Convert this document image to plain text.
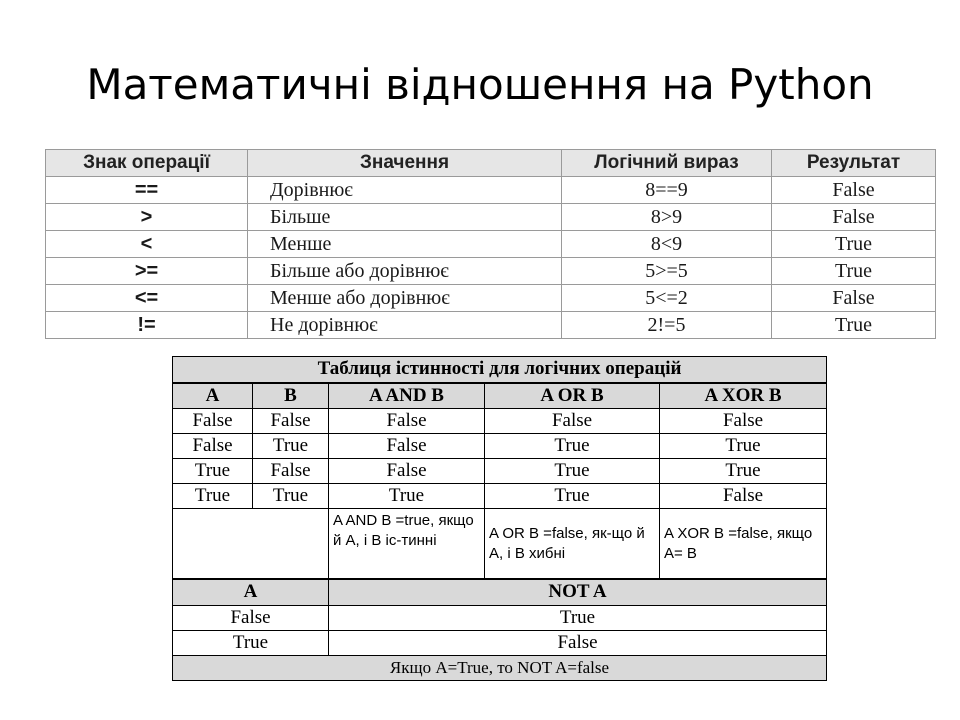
Математичні відношення на Python
Знак операції	Значення	Логічний вираз	Результат
==	Дорівнює	8==9	False
>	Більше	8>9	False
<	Менше	8<9	True
>=	Більше або дорівнює	5>=5	True
<=	Менше або дорівнює	5<=2	False
!=	Не дорівнює	2!=5	True
Таблиця істинності для логічних операцій				
A	B	A AND B	A OR B	A XOR B
False	False	False	False	False
False	True	False	True	True
True	False	False	True	True
True	True	True	True	False
		A AND B =true, якщо й A, і B іс-тинні	A OR B =false, як-що й A, і B хибні	A XOR B =false, якщо A= B
A		NOT A		
False		True		
True		False		
Якщо A=True, то NOT A=false				
